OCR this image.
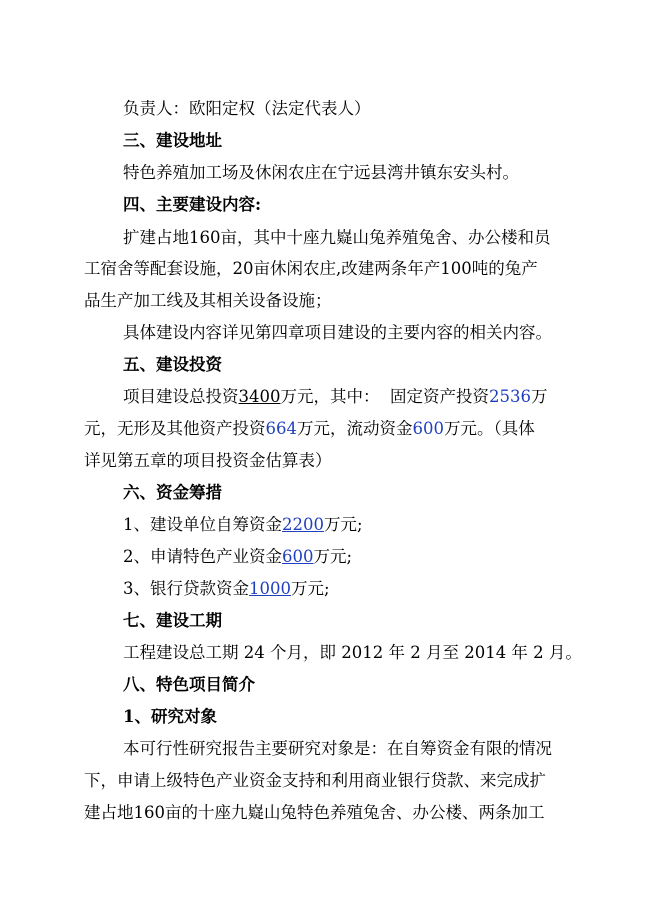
负责人：欧阳定权（法定代表人）
三、建设地址
特色养殖加工场及休闲农庄在宁远县湾井镇东安头村。
四、主要建设内容:
扩建占地160亩，其中十座九嶷山兔养殖兔舍、办公楼和员
工宿舍等配套设施，20亩休闲农庄,改建两条年产100吨的兔产
品生产加工线及其相关设备设施；
具体建设内容详见第四章项目建设的主要内容的相关内容。
五、建设投资
项目建设总投资3400万元，其中：  固定资产投资2536万
元，无形及其他资产投资664万元，流动资金600万元。（具体
详见第五章的项目投资金估算表）
六、资金筹措
1、建设单位自筹资金2200万元;
2、申请特色产业资金600万元;
3、银行贷款资金1000万元;
七、建设工期
工程建设总工期 24 个月，即 2012 年 2 月至 2014 年 2 月。
八、特色项目简介
1、研究对象
本可行性研究报告主要研究对象是：在自筹资金有限的情况
下，申请上级特色产业资金支持和利用商业银行贷款、来完成扩
建占地160亩的十座九嶷山兔特色养殖兔舍、办公楼、两条加工
